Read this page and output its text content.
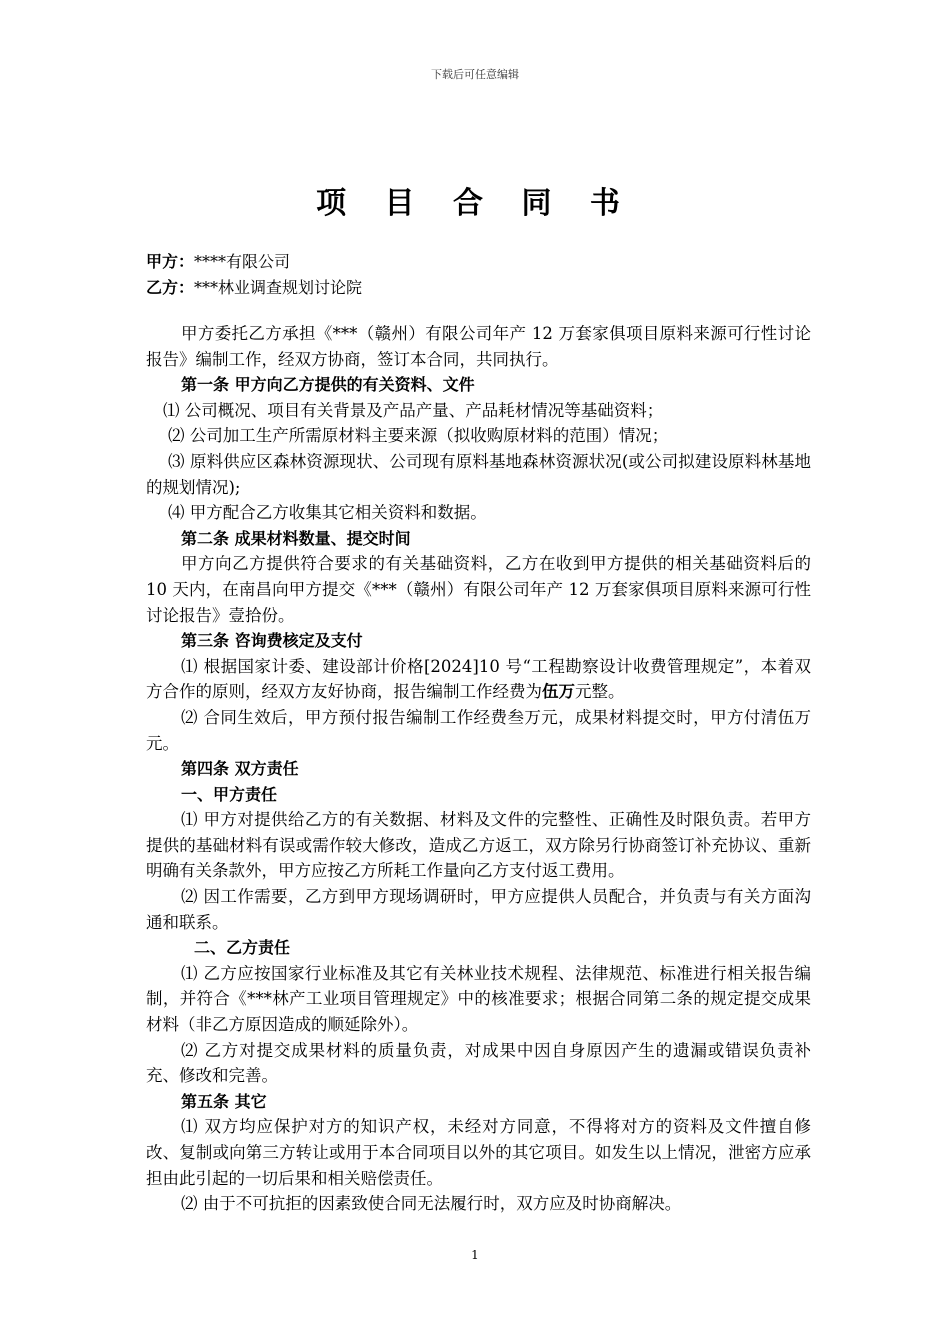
下载后可任意编辑
项 目 合 同 书
甲方：****有限公司
乙方：***林业调查规划讨论院

甲方委托乙方承担《***（赣州）有限公司年产 12 万套家俱项目原料来源可行性讨论报告》编制工作，经双方协商，签订本合同，共同执行。

第一条 甲方向乙方提供的有关资料、文件

⑴ 公司概况、项目有关背景及产品产量、产品耗材情况等基础资料；

⑵ 公司加工生产所需原材料主要来源（拟收购原材料的范围）情况；

⑶ 原料供应区森林资源现状、公司现有原料基地森林资源状况(或公司拟建设原料林基地的规划情况);

⑷ 甲方配合乙方收集其它相关资料和数据。

第二条 成果材料数量、提交时间

甲方向乙方提供符合要求的有关基础资料，乙方在收到甲方提供的相关基础资料后的 10 天内，在南昌向甲方提交《***（赣州）有限公司年产 12 万套家俱项目原料来源可行性讨论报告》壹拾份。

第三条 咨询费核定及支付

⑴ 根据国家计委、建设部计价格[2024]10 号“工程勘察设计收费管理规定”，本着双方合作的原则，经双方友好协商，报告编制工作经费为伍万元整。

⑵ 合同生效后，甲方预付报告编制工作经费叁万元，成果材料提交时，甲方付清伍万元。

第四条 双方责任

一、甲方责任

⑴ 甲方对提供给乙方的有关数据、材料及文件的完整性、正确性及时限负责。若甲方提供的基础材料有误或需作较大修改，造成乙方返工，双方除另行协商签订补充协议、重新明确有关条款外，甲方应按乙方所耗工作量向乙方支付返工费用。

⑵ 因工作需要，乙方到甲方现场调研时，甲方应提供人员配合，并负责与有关方面沟通和联系。

二、乙方责任

⑴ 乙方应按国家行业标准及其它有关林业技术规程、法律规范、标准进行相关报告编制，并符合《***林产工业项目管理规定》中的核准要求；根据合同第二条的规定提交成果材料（非乙方原因造成的顺延除外）。

⑵ 乙方对提交成果材料的质量负责，对成果中因自身原因产生的遗漏或错误负责补充、修改和完善。

第五条 其它

⑴ 双方均应保护对方的知识产权，未经对方同意，不得将对方的资料及文件擅自修改、复制或向第三方转让或用于本合同项目以外的其它项目。如发生以上情况，泄密方应承担由此引起的一切后果和相关赔偿责任。

⑵ 由于不可抗拒的因素致使合同无法履行时，双方应及时协商解决。

1
